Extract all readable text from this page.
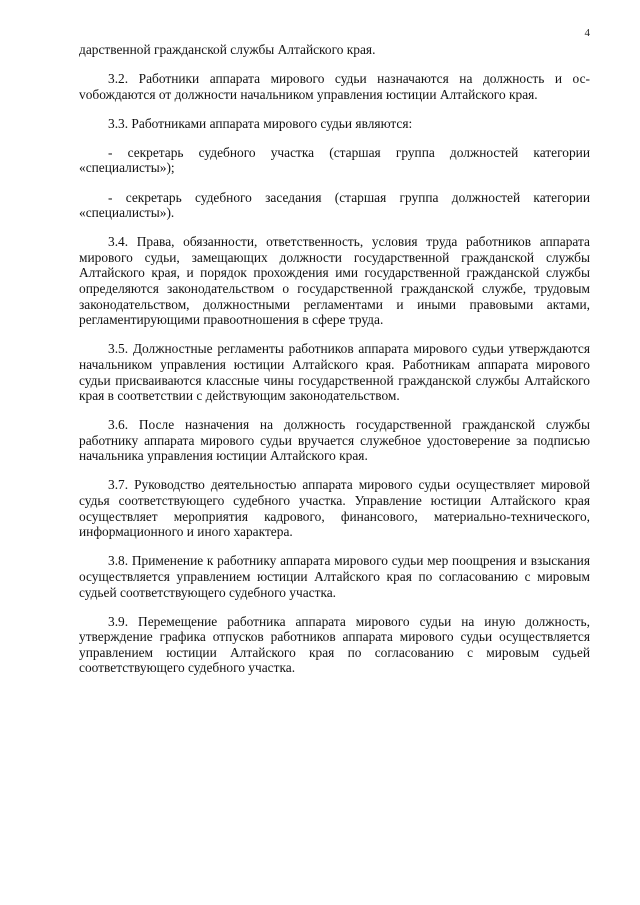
4

дарственной гражданской службы Алтайского края.

3.2. Работники аппарата мирового судьи назначаются на должность и осvобождаются от должности начальником управления юстиции Алтайского края.

3.3. Работниками аппарата мирового судьи являются:

- секретарь судебного участка (старшая группа должностей категории «специалисты»);

- секретарь судебного заседания (старшая группа должностей категории «специалисты»).

3.4. Права, обязанности, ответственность, условия труда работников аппарата мирового судьи, замещающих должности государственной гражданской службы Алтайского края, и порядок прохождения ими государственной гражданской службы определяются законодательством о государственной гражданской службе, трудовым законодательством, должностными регламентами и иными правовыми актами, регламентирующими правоотношения в сфере труда.

3.5. Должностные регламенты работников аппарата мирового судьи утверждаются начальником управления юстиции Алтайского края. Работникам аппарата мирового судьи присваиваются классные чины государственной гражданской службы Алтайского края в соответствии с действующим законодательством.

3.6. После назначения на должность государственной гражданской службы работнику аппарата мирового судьи вручается служебное удостоверение за подписью начальника управления юстиции Алтайского края.

3.7. Руководство деятельностью аппарата мирового судьи осуществляет мировой судья соответствующего судебного участка. Управление юстиции Алтайского края осуществляет мероприятия кадрового, финансового, материально-технического, информационного и иного характера.

3.8. Применение к работнику аппарата мирового судьи мер поощрения и взыскания осуществляется управлением юстиции Алтайского края по согласованию с мировым судьей соответствующего судебного участка.

3.9. Перемещение работника аппарата мирового судьи на иную должность, утверждение графика отпусков работников аппарата мирового судьи осуществляется управлением юстиции Алтайского края по согласованию с мировым судьей соответствующего судебного участка.
